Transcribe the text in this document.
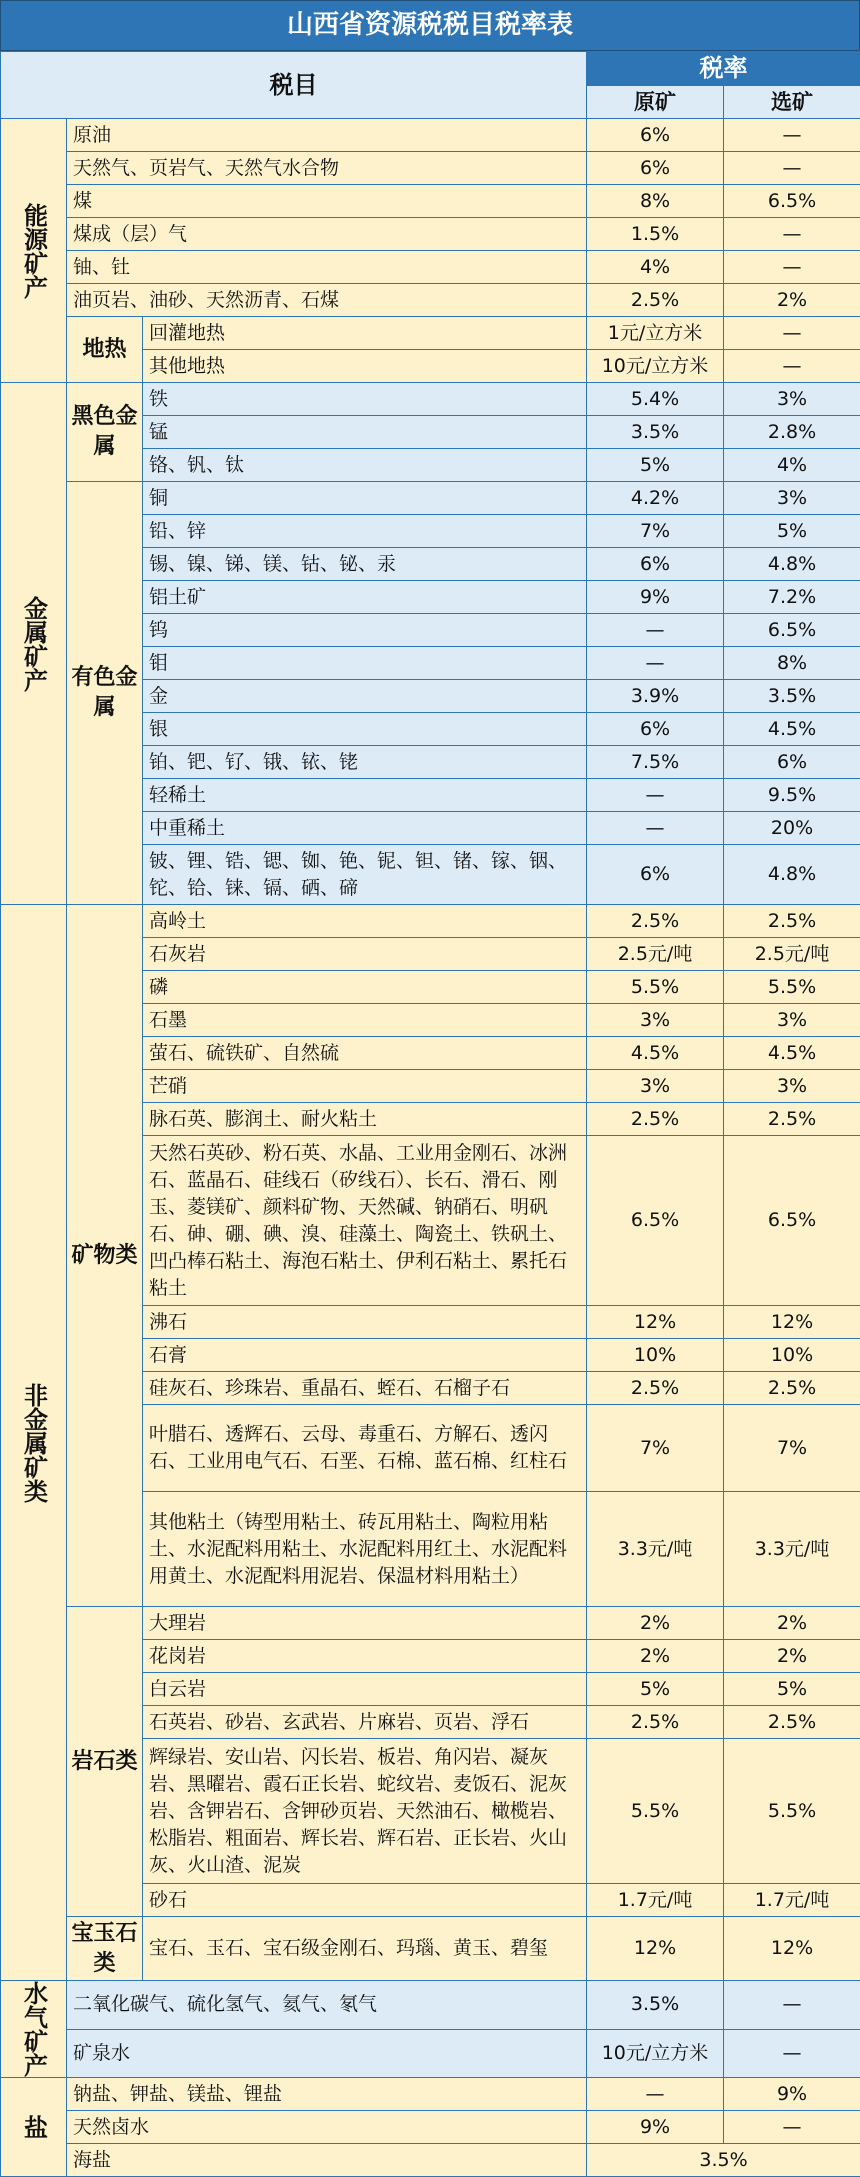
山西省资源税税目税率表
税目			税率	
			原矿	选矿
能源矿产	原油		6%	—
	天然气、页岩气、天然气水合物		6%	—
	煤		8%	6.5%
	煤成（层）气		1.5%	—
	铀、钍		4%	—
	油页岩、油砂、天然沥青、石煤		2.5%	2%
	地热	回灌地热	1元/立方米	—
		其他地热	10元/立方米	—
金属矿产	黑色金属	铁	5.4%	3%
		锰	3.5%	2.8%
		铬、钒、钛	5%	4%
	有色金属	铜	4.2%	3%
		铅、锌	7%	5%
		锡、镍、锑、镁、钴、铋、汞	6%	4.8%
		铝土矿	9%	7.2%
		钨	—	6.5%
		钼	—	8%
		金	3.9%	3.5%
		银	6%	4.5%
		铂、钯、钌、锇、铱、铑	7.5%	6%
		轻稀土	—	9.5%
		中重稀土	—	20%
		铍、锂、锆、锶、铷、铯、铌、钽、锗、镓、铟、铊、铪、铼、镉、硒、碲	6%	4.8%
非金属矿类	矿物类	高岭土	2.5%	2.5%
		石灰岩	2.5元/吨	2.5元/吨
		磷	5.5%	5.5%
		石墨	3%	3%
		萤石、硫铁矿、自然硫	4.5%	4.5%
		芒硝	3%	3%
		脉石英、膨润土、耐火粘土	2.5%	2.5%
		天然石英砂、粉石英、水晶、工业用金刚石、冰洲石、蓝晶石、硅线石（矽线石）、长石、滑石、刚玉、菱镁矿、颜料矿物、天然碱、钠硝石、明矾石、砷、硼、碘、溴、硅藻土、陶瓷土、铁矾土、凹凸棒石粘土、海泡石粘土、伊利石粘土、累托石粘土	6.5%	6.5%
		沸石	12%	12%
		石膏	10%	10%
		硅灰石、珍珠岩、重晶石、蛭石、石榴子石	2.5%	2.5%
		叶腊石、透辉石、云母、毒重石、方解石、透闪石、工业用电气石、石垩、石棉、蓝石棉、红柱石	7%	7%
		其他粘土（铸型用粘土、砖瓦用粘土、陶粒用粘土、水泥配料用粘土、水泥配料用红土、水泥配料用黄土、水泥配料用泥岩、保温材料用粘土）	3.3元/吨	3.3元/吨
	岩石类	大理岩	2%	2%
		花岗岩	2%	2%
		白云岩	5%	5%
		石英岩、砂岩、玄武岩、片麻岩、页岩、浮石	2.5%	2.5%
		辉绿岩、安山岩、闪长岩、板岩、角闪岩、凝灰岩、黑曜岩、霞石正长岩、蛇纹岩、麦饭石、泥灰岩、含钾岩石、含钾砂页岩、天然油石、橄榄岩、松脂岩、粗面岩、辉长岩、辉石岩、正长岩、火山灰、火山渣、泥炭	5.5%	5.5%
		砂石	1.7元/吨	1.7元/吨
	宝玉石类	宝石、玉石、宝石级金刚石、玛瑙、黄玉、碧玺	12%	12%
水气矿产	二氧化碳气、硫化氢气、氦气、氡气		3.5%	—
	矿泉水		10元/立方米	—
盐	钠盐、钾盐、镁盐、锂盐		—	9%
	天然卤水		9%	—
	海盐		3.5%	
